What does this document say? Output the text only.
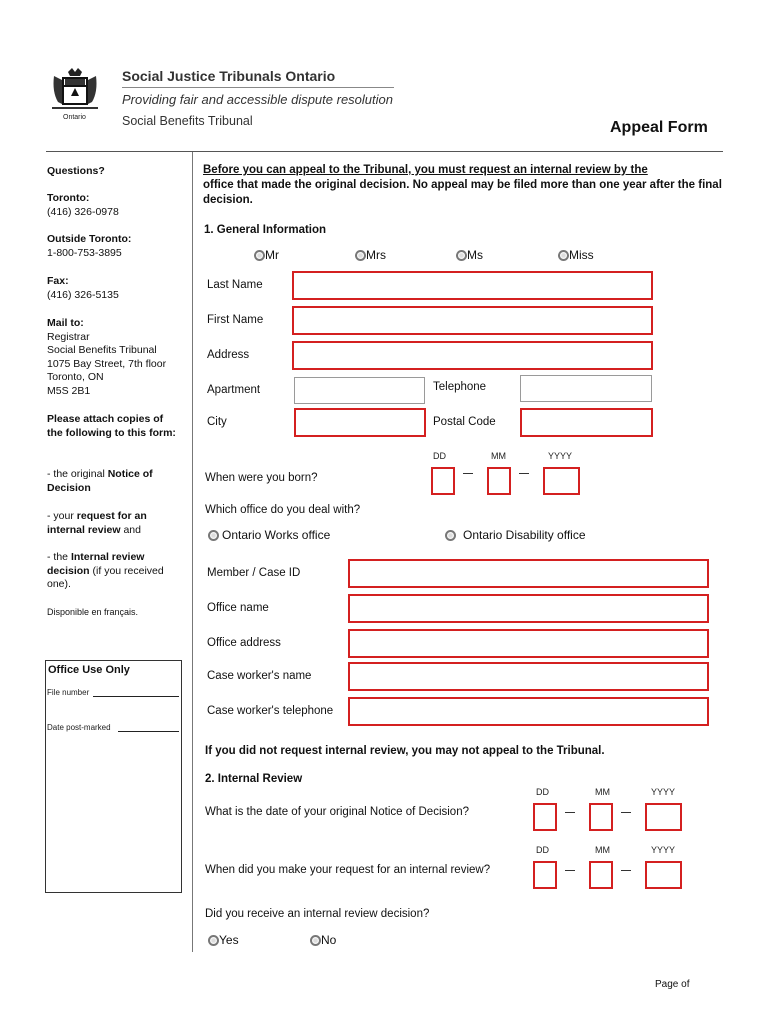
Ontario
Social Justice Tribunals Ontario
Providing fair and accessible dispute resolution
Social Benefits Tribunal	Appeal Form
Questions?
Toronto:
(416) 326-0978
Outside Toronto:
1-800-753-3895
Fax:
(416) 326-5135
Mail to:
Registrar
Social Benefits Tribunal
1075 Bay Street, 7th floor
Toronto, ON
M5S 2B1
Please attach copies of the following to this form:
- the original Notice of Decision
- your request for an internal review and
- the Internal review decision (if you received one).
Disponible en français.
Office Use Only
File number
Date post-marked
Before you can appeal to the Tribunal, you must request an internal review by the
office that made the original decision. No appeal may be filed more than one year after the final decision.
1. General Information
Mr	Mrs	Ms	Miss
Last Name
First Name
Address
Apartment	Telephone
City	Postal Code
DD	MM	YYYY
When were you born?
Which office do you deal with?
Ontario Works office	Ontario Disability office
Member / Case ID
Office name
Office address
Case worker's name
Case worker's telephone
If you did not request internal review, you may not appeal to the Tribunal.
2. Internal Review
DD	MM	YYYY
What is the date of your original Notice of Decision?
DD	MM	YYYY
When did you make your request for an internal review?
Did you receive an internal review decision?
Yes	No
Page of
